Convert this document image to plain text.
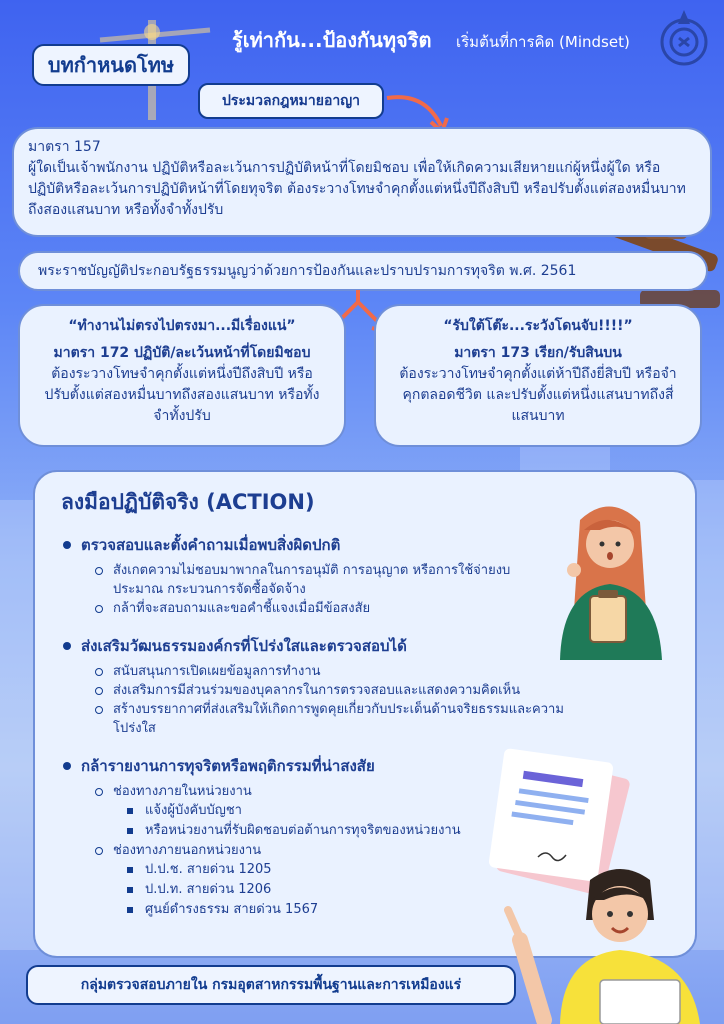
รู้เท่ากัน...ป้องกันทุจริต เริ่มต้นที่การคิด (Mindset)
บทกำหนดโทษ
ประมวลกฎหมายอาญา
มาตรา 157
ผู้ใดเป็นเจ้าพนักงาน ปฏิบัติหรือละเว้นการปฏิบัติหน้าที่โดยมิชอบ เพื่อให้เกิดความเสียหายแก่ผู้หนึ่งผู้ใด หรือปฏิบัติหรือละเว้นการปฏิบัติหน้าที่โดยทุจริต ต้องระวางโทษจำคุกตั้งแต่หนึ่งปีถึงสิบปี หรือปรับตั้งแต่สองหมื่นบาทถึงสองแสนบาท หรือทั้งจำทั้งปรับ
พระราชบัญญัติประกอบรัฐธรรมนูญว่าด้วยการป้องกันและปราบปรามการทุจริต พ.ศ. 2561
“ทำงานไม่ตรงไปตรงมา...มีเรื่องแน่”
มาตรา 172 ปฏิบัติ/ละเว้นหน้าที่โดยมิชอบ
ต้องระวางโทษจำคุกตั้งแต่หนึ่งปีถึงสิบปี หรือปรับตั้งแต่สองหมื่นบาทถึงสองแสนบาท หรือทั้งจำทั้งปรับ
“รับใต้โต๊ะ...ระวังโดนจับ!!!!”
มาตรา 173 เรียก/รับสินบน
ต้องระวางโทษจำคุกตั้งแต่ห้าปีถึงยี่สิบปี หรือจำคุกตลอดชีวิต และปรับตั้งแต่หนึ่งแสนบาทถึงสี่แสนบาท
ลงมือปฏิบัติจริง (ACTION)
ตรวจสอบและตั้งคำถามเมื่อพบสิ่งผิดปกติ
สังเกตความไม่ชอบมาพากลในการอนุมัติ การอนุญาต หรือการใช้จ่ายงบประมาณ กระบวนการจัดซื้อจัดจ้าง
กล้าที่จะสอบถามและขอคำชี้แจงเมื่อมีข้อสงสัย
ส่งเสริมวัฒนธรรมองค์กรที่โปร่งใสและตรวจสอบได้
สนับสนุนการเปิดเผยข้อมูลการทำงาน
ส่งเสริมการมีส่วนร่วมของบุคลากรในการตรวจสอบและแสดงความคิดเห็น
สร้างบรรยากาศที่ส่งเสริมให้เกิดการพูดคุยเกี่ยวกับประเด็นด้านจริยธรรมและความโปร่งใส
กล้ารายงานการทุจริตหรือพฤติกรรมที่น่าสงสัย
ช่องทางภายในหน่วยงาน
แจ้งผู้บังคับบัญชา
หรือหน่วยงานที่รับผิดชอบต่อต้านการทุจริตของหน่วยงาน
ช่องทางภายนอกหน่วยงาน
ป.ป.ช. สายด่วน 1205
ป.ป.ท. สายด่วน 1206
ศูนย์ดำรงธรรม สายด่วน 1567
กลุ่มตรวจสอบภายใน กรมอุตสาหกรรมพื้นฐานและการเหมืองแร่
